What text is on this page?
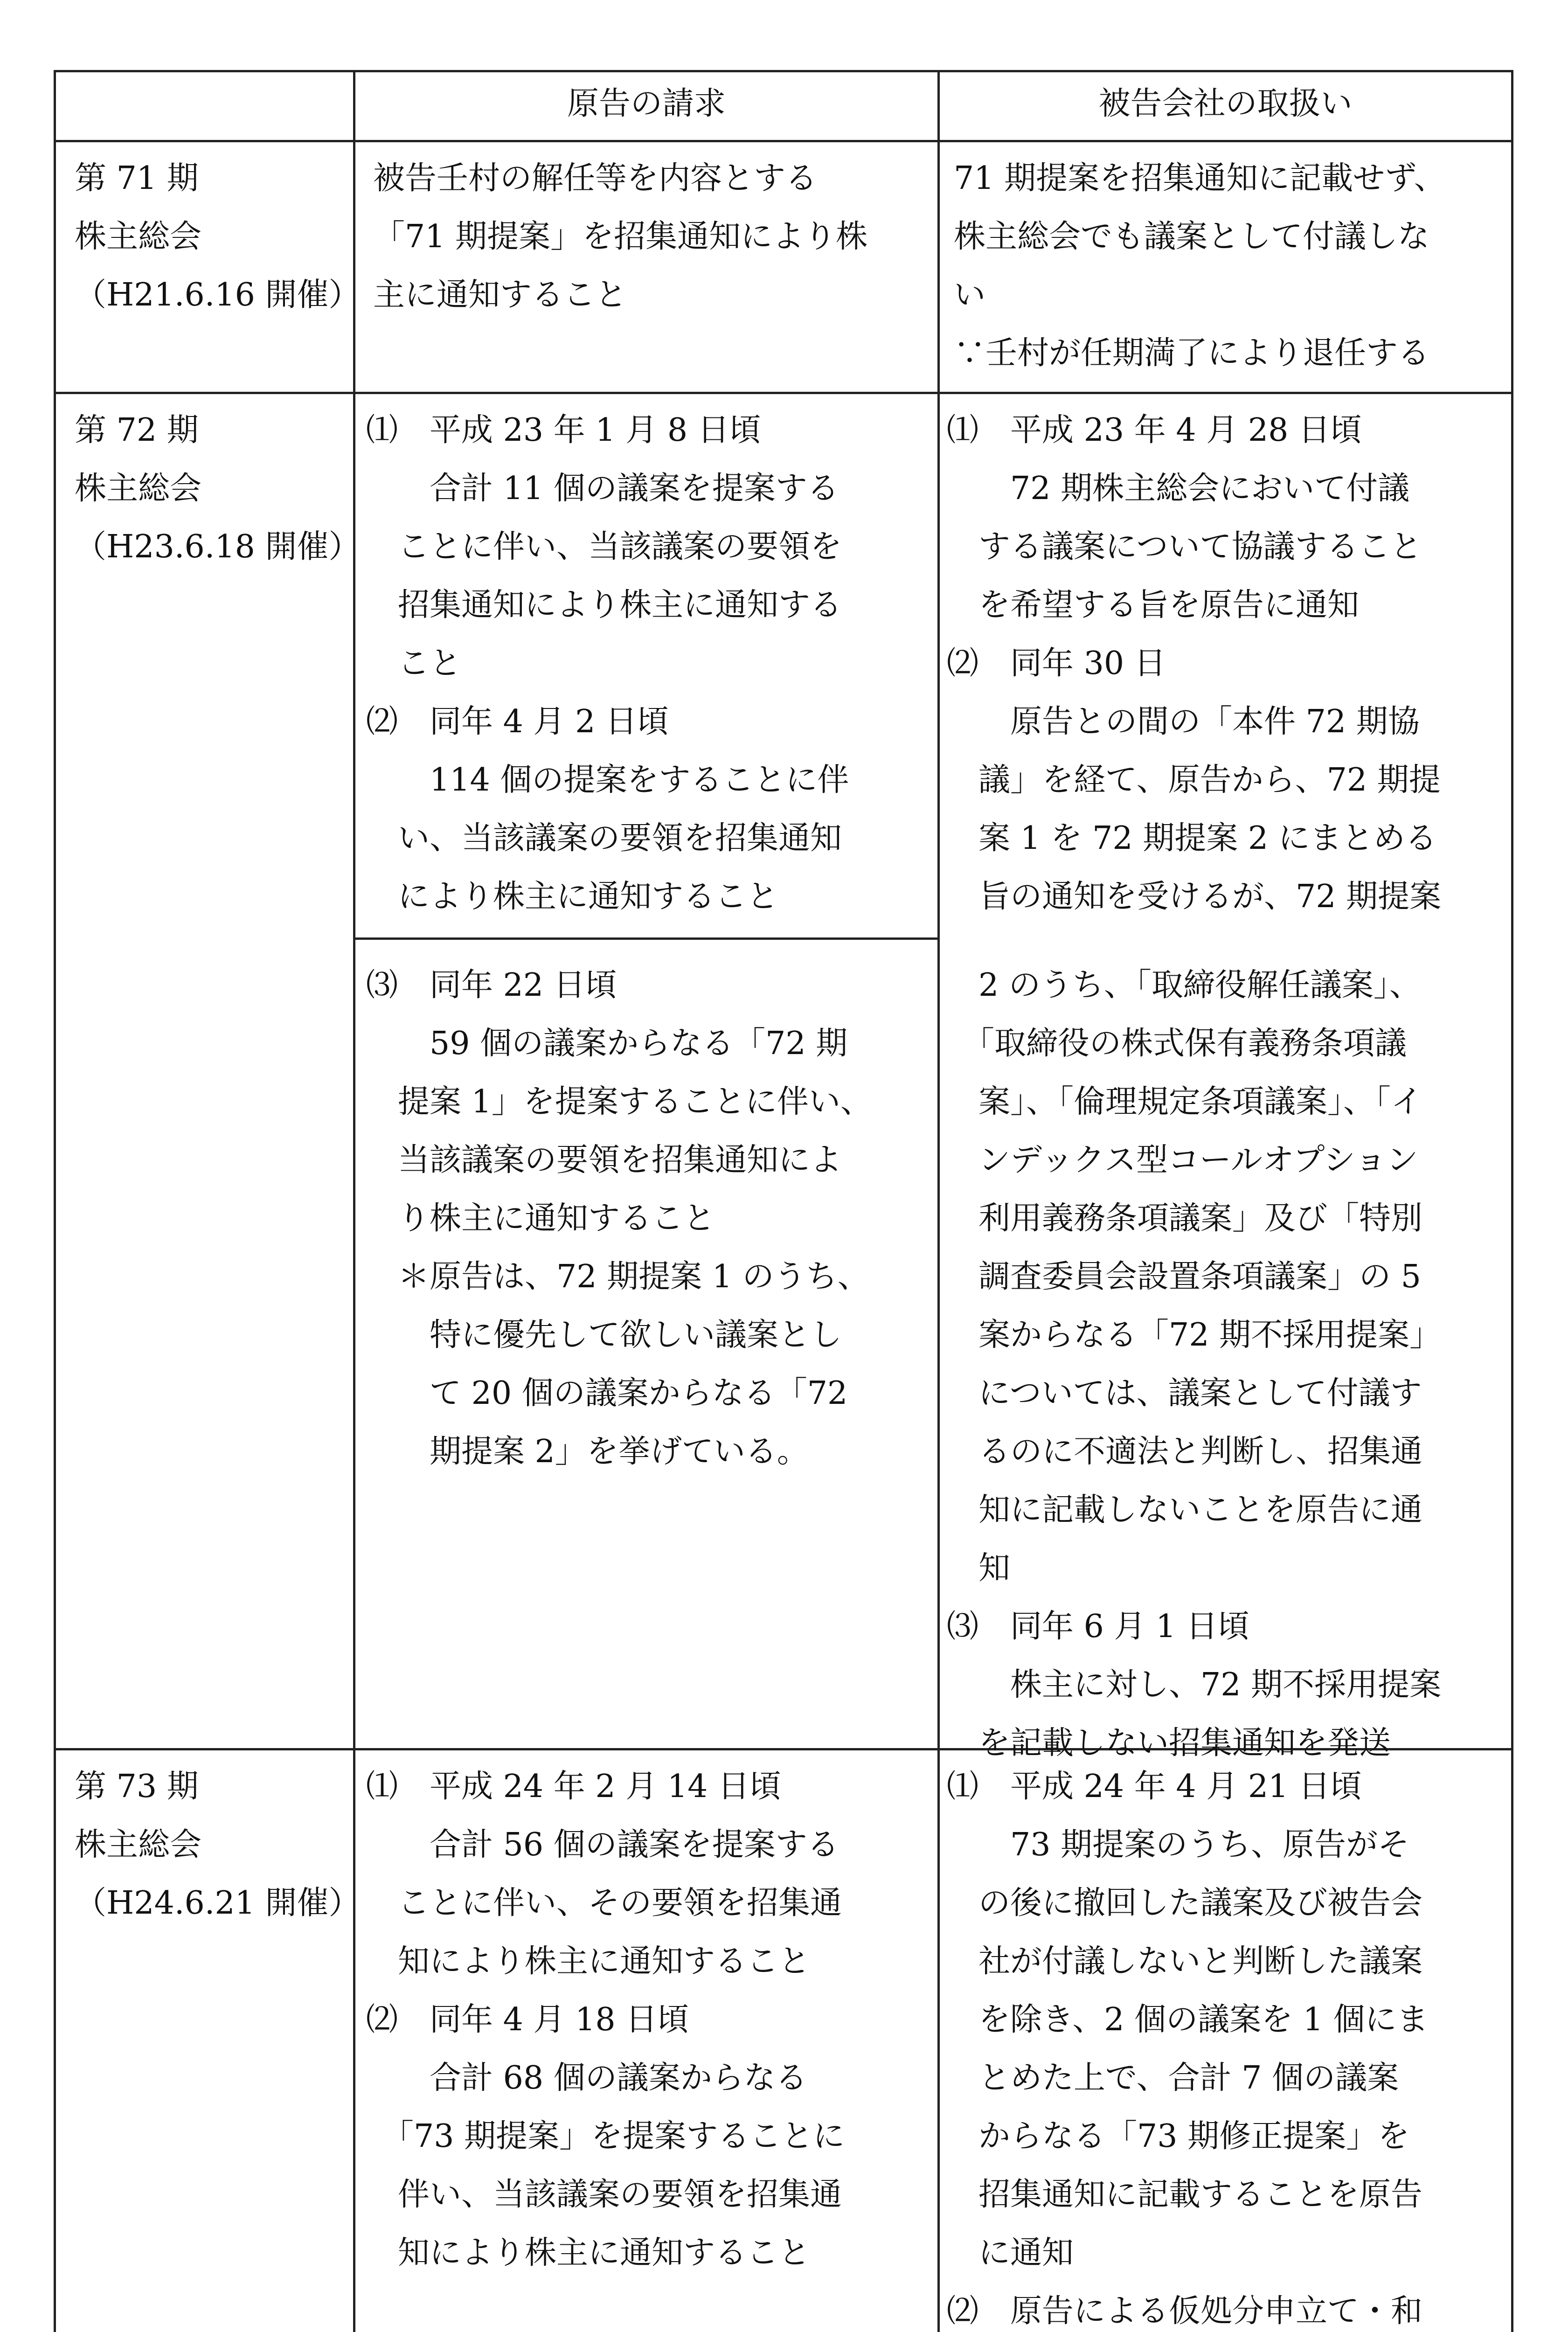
原告の請求	被告会社の取扱い
第 71 期
株主総会
（H21.6.16 開催）
被告壬村の解任等を内容とする
「71 期提案」を招集通知により株
主に通知すること
71 期提案を招集通知に記載せず、
株主総会でも議案として付議しな
い
∵壬村が任期満了により退任する
第 72 期
株主総会
（H23.6.18 開催）
⑴　平成 23 年 1 月 8 日頃
　　合計 11 個の議案を提案する
　ことに伴い、当該議案の要領を
　招集通知により株主に通知する
　こと
⑵　同年 4 月 2 日頃
　　114 個の提案をすることに伴
　い、当該議案の要領を招集通知
　により株主に通知すること
⑴　平成 23 年 4 月 28 日頃
　　72 期株主総会において付議
　する議案について協議すること
　を希望する旨を原告に通知
⑵　同年 30 日
　　原告との間の「本件 72 期協
　議」を経て、原告から、72 期提
　案 1 を 72 期提案 2 にまとめる
　旨の通知を受けるが、72 期提案
⑶　同年 22 日頃
　　59 個の議案からなる「72 期
　提案 1」を提案することに伴い、
　当該議案の要領を招集通知によ
　り株主に通知すること
　＊原告は、72 期提案 1 のうち、
　　特に優先して欲しい議案とし
　　て 20 個の議案からなる「72
　　期提案 2」を挙げている。
　2 のうち、「取締役解任議案」、
　「取締役の株式保有義務条項議
　案」、「倫理規定条項議案」、「イ
　ンデックス型コールオプション
　利用義務条項議案」及び「特別
　調査委員会設置条項議案」の 5
　案からなる「72 期不採用提案」
　については、議案として付議す
　るのに不適法と判断し、招集通
　知に記載しないことを原告に通
　知
⑶　同年 6 月 1 日頃
　　株主に対し、72 期不採用提案
　を記載しない招集通知を発送
第 73 期
株主総会
（H24.6.21 開催）
⑴　平成 24 年 2 月 14 日頃
　　合計 56 個の議案を提案する
　ことに伴い、その要領を招集通
　知により株主に通知すること
⑵　同年 4 月 18 日頃
　　合計 68 個の議案からなる
　「73 期提案」を提案することに
　伴い、当該議案の要領を招集通
　知により株主に通知すること
⑴　平成 24 年 4 月 21 日頃
　　73 期提案のうち、原告がそ
　の後に撤回した議案及び被告会
　社が付議しないと判断した議案
　を除き、2 個の議案を 1 個にま
　とめた上で、合計 7 個の議案
　からなる「73 期修正提案」を
　招集通知に記載することを原告
　に通知
⑵　原告による仮処分申立て・和
